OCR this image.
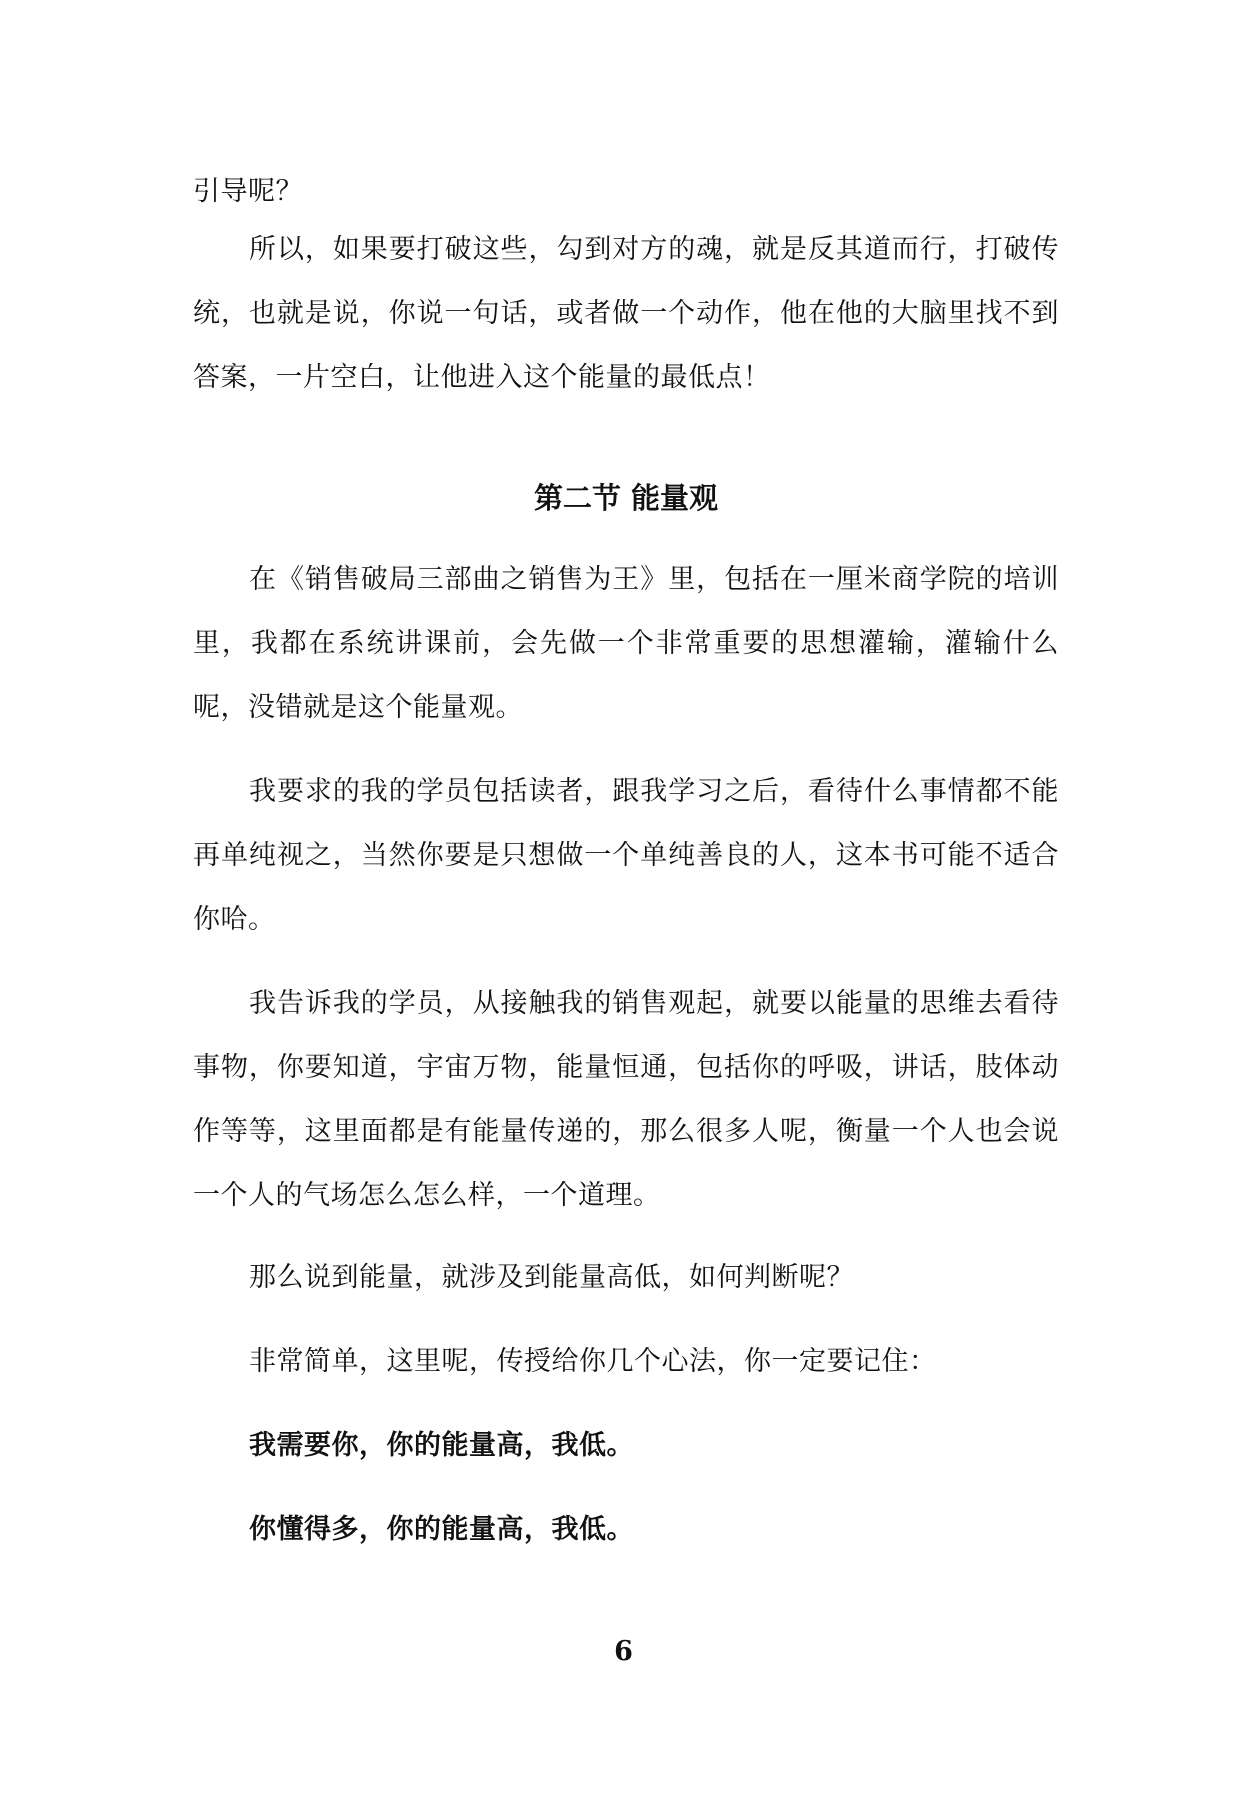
引导呢？

所以，如果要打破这些，勾到对方的魂，就是反其道而行，打破传统，也就是说，你说一句话，或者做一个动作，他在他的大脑里找不到答案，一片空白，让他进入这个能量的最低点！

第二节 能量观

在《销售破局三部曲之销售为王》里，包括在一厘米商学院的培训里，我都在系统讲课前，会先做一个非常重要的思想灌输，灌输什么呢，没错就是这个能量观。

我要求的我的学员包括读者，跟我学习之后，看待什么事情都不能再单纯视之，当然你要是只想做一个单纯善良的人，这本书可能不适合你哈。

我告诉我的学员，从接触我的销售观起，就要以能量的思维去看待事物，你要知道，宇宙万物，能量恒通，包括你的呼吸，讲话，肢体动作等等，这里面都是有能量传递的，那么很多人呢，衡量一个人也会说一个人的气场怎么怎么样，一个道理。

那么说到能量，就涉及到能量高低，如何判断呢？

非常简单，这里呢，传授给你几个心法，你一定要记住：

我需要你，你的能量高，我低。

你懂得多，你的能量高，我低。

6
